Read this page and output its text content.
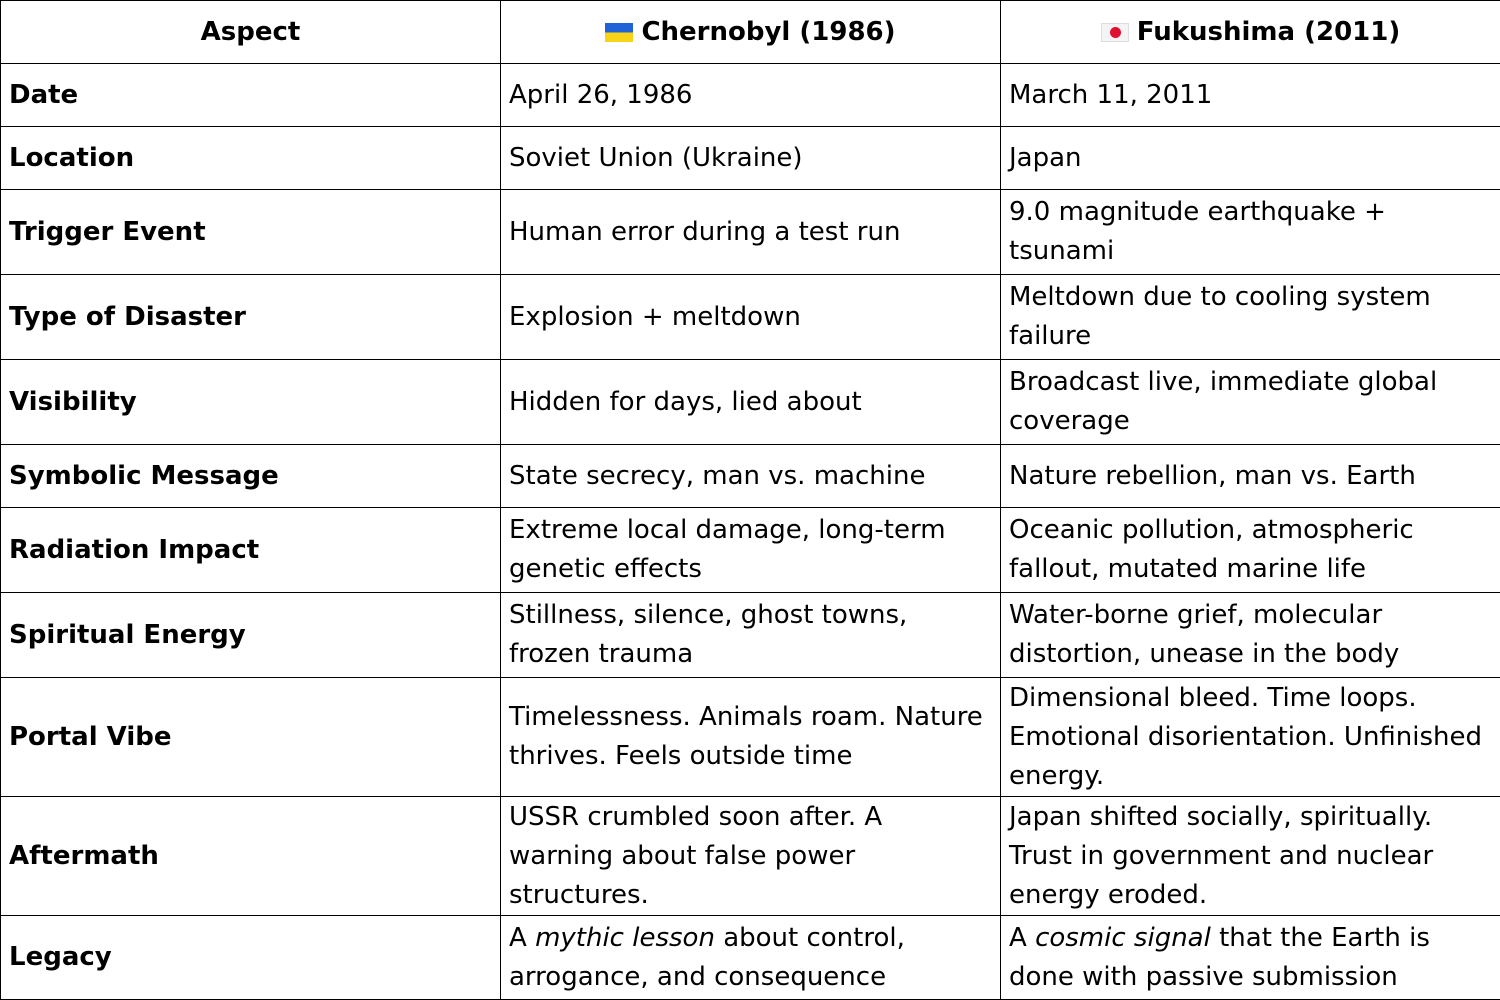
Aspect	Chernobyl (1986)	Fukushima (2011)
Date	April 26, 1986	March 11, 2011
Location	Soviet Union (Ukraine)	Japan
Trigger Event	Human error during a test run	9.0 magnitude earthquake + tsunami
Type of Disaster	Explosion + meltdown	Meltdown due to cooling system failure
Visibility	Hidden for days, lied about	Broadcast live, immediate global coverage
Symbolic Message	State secrecy, man vs. machine	Nature rebellion, man vs. Earth
Radiation Impact	Extreme local damage, long-term genetic effects	Oceanic pollution, atmospheric fallout, mutated marine life
Spiritual Energy	Stillness, silence, ghost towns, frozen trauma	Water-borne grief, molecular distortion, unease in the body
Portal Vibe	Timelessness. Animals roam. Nature thrives. Feels outside time	Dimensional bleed. Time loops. Emotional disorientation. Unfinished energy.
Aftermath	USSR crumbled soon after. A warning about false power structures.	Japan shifted socially, spiritually. Trust in government and nuclear energy eroded.
Legacy	A mythic lesson about control, arrogance, and consequence	A cosmic signal that the Earth is done with passive submission
